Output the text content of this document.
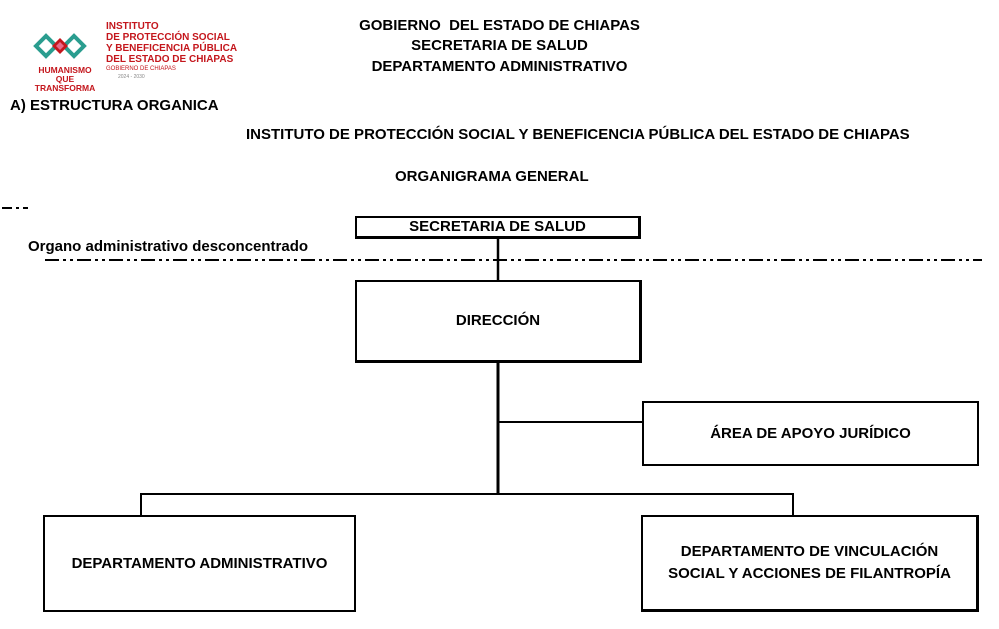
HUMANISMO QUE
TRANSFORMA
INSTITUTO
DE PROTECCIÓN SOCIAL
Y BENEFICENCIA PÚBLICA
DEL ESTADO DE CHIAPAS
GOBIERNO DE CHIAPAS
2024 - 2030
GOBIERNO  DEL ESTADO DE CHIAPAS
SECRETARIA DE SALUD
DEPARTAMENTO ADMINISTRATIVO
A) ESTRUCTURA ORGANICA
INSTITUTO DE PROTECCIÓN SOCIAL Y BENEFICENCIA PÚBLICA DEL ESTADO DE CHIAPAS
ORGANIGRAMA GENERAL
Organo administrativo desconcentrado
SECRETARIA DE SALUD
DIRECCIÓN
ÁREA DE APOYO JURÍDICO
DEPARTAMENTO ADMINISTRATIVO
DEPARTAMENTO DE VINCULACIÓN
SOCIAL Y ACCIONES DE FILANTROPÍA
